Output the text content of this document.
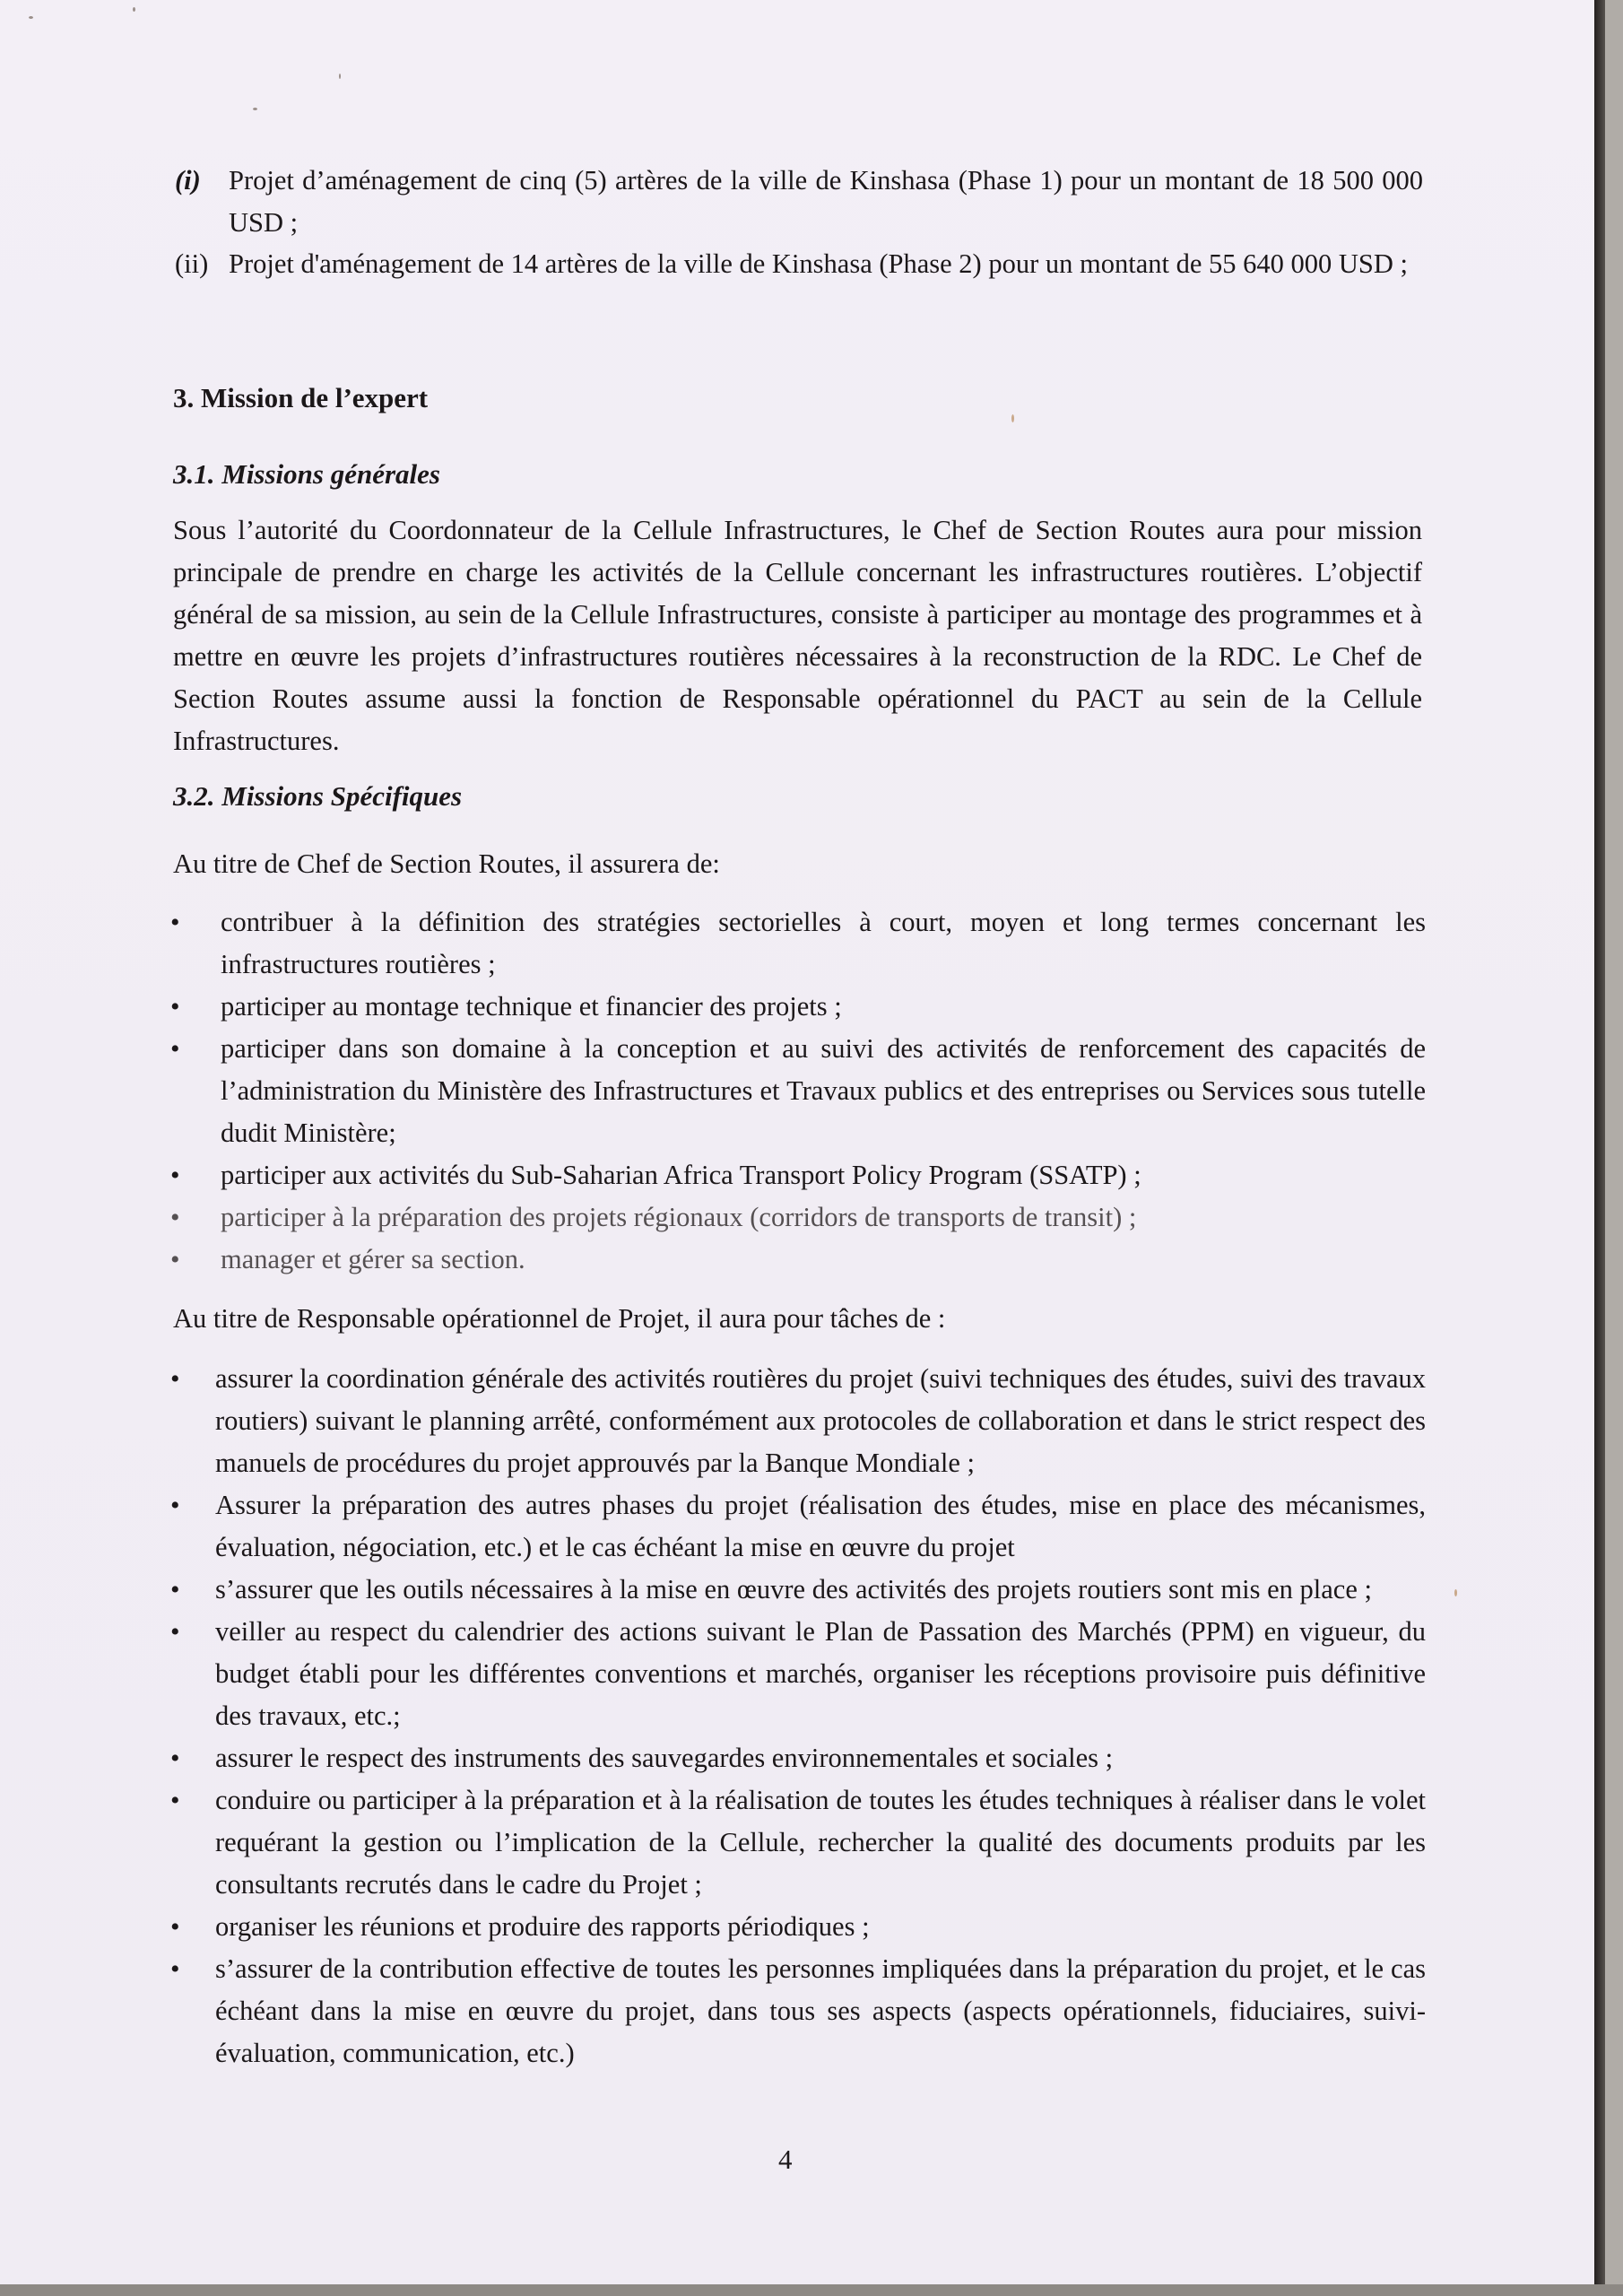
(i) Projet d’aménagement de cinq (5) artères de la ville de Kinshasa (Phase 1) pour un montant de 18 500 000 USD ;
(ii) Projet d'aménagement de 14 artères de la ville de Kinshasa (Phase 2) pour un montant de 55 640 000 USD ;
3. Mission de l’expert
3.1. Missions générales
Sous l’autorité du Coordonnateur de la Cellule Infrastructures, le Chef de Section Routes aura pour mission principale de prendre en charge les activités de la Cellule concernant les infrastructures routières. L’objectif général de sa mission, au sein de la Cellule Infrastructures, consiste à participer au montage des programmes et à mettre en œuvre les projets d’infrastructures routières nécessaires à la reconstruction de la RDC. Le Chef de Section Routes assume aussi la fonction de Responsable opérationnel du PACT au sein de la Cellule Infrastructures.
3.2. Missions Spécifiques
Au titre de Chef de Section Routes, il assurera de:
• contribuer à la définition des stratégies sectorielles à court, moyen et long termes concernant les infrastructures routières ;
• participer au montage technique et financier des projets ;
• participer dans son domaine à la conception et au suivi des activités de renforcement des capacités de l’administration du Ministère des Infrastructures et Travaux publics et des entreprises ou Services sous tutelle dudit Ministère;
• participer aux activités du Sub-Saharian Africa Transport Policy Program (SSATP) ;
• participer à la préparation des projets régionaux (corridors de transports de transit) ;
• manager et gérer sa section.
Au titre de Responsable opérationnel de Projet, il aura pour tâches de :
• assurer la coordination générale des activités routières du projet (suivi techniques des études, suivi des travaux routiers) suivant le planning arrêté, conformément aux protocoles de collaboration et dans le strict respect des manuels de procédures du projet approuvés par la Banque Mondiale ;
• Assurer la préparation des autres phases du projet (réalisation des études, mise en place des mécanismes, évaluation, négociation, etc.) et le cas échéant la mise en œuvre du projet
• s’assurer que les outils nécessaires à la mise en œuvre des activités des projets routiers sont mis en place ;
• veiller au respect du calendrier des actions suivant le Plan de Passation des Marchés (PPM) en vigueur, du budget établi pour les différentes conventions et marchés, organiser les réceptions provisoire puis définitive des travaux, etc.;
• assurer le respect des instruments des sauvegardes environnementales et sociales ;
• conduire ou participer à la préparation et à la réalisation de toutes les études techniques à réaliser dans le volet requérant la gestion ou l’implication de la Cellule, rechercher la qualité des documents produits par les consultants recrutés dans le cadre du Projet ;
• organiser les réunions et produire des rapports périodiques ;
• s’assurer de la contribution effective de toutes les personnes impliquées dans la préparation du projet, et le cas échéant dans la mise en œuvre du projet, dans tous ses aspects (aspects opérationnels, fiduciaires, suivi-évaluation, communication, etc.)
4
